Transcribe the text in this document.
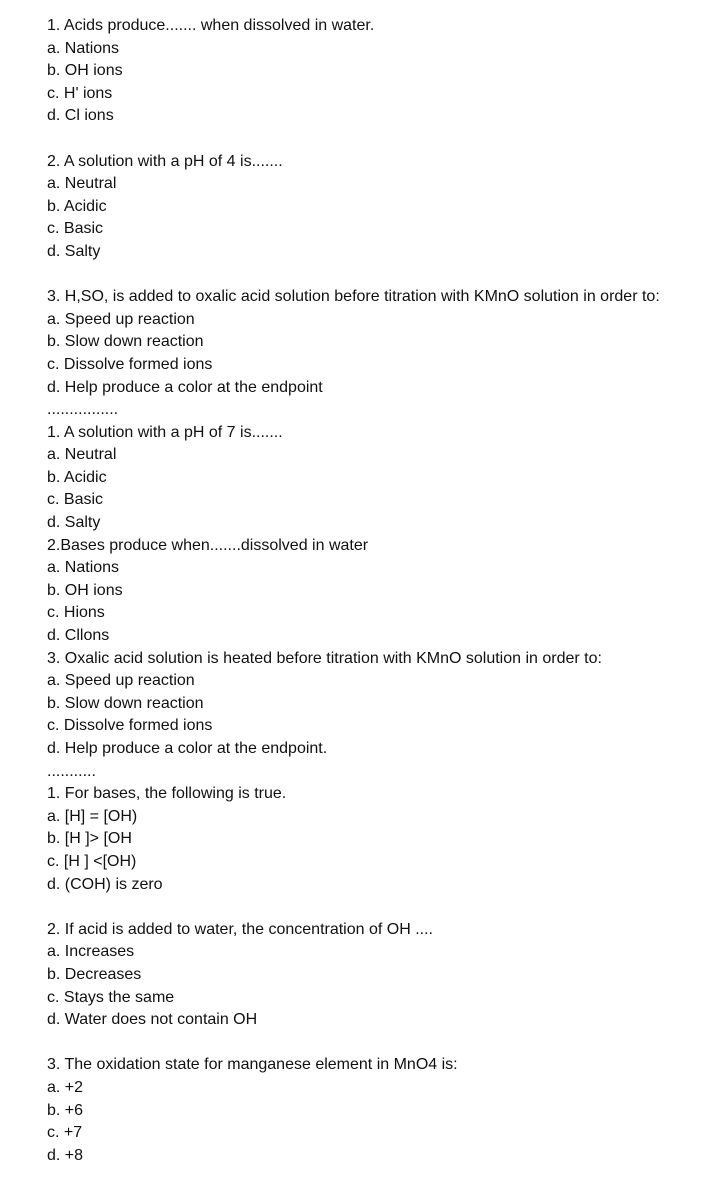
1. Acids produce....... when dissolved in water.
a. Nations
b. OH ions
c. H' ions
d. Cl ions
2. A solution with a pH of 4 is.......
a. Neutral
b. Acidic
c. Basic
d. Salty
3. H,SO, is added to oxalic acid solution before titration with KMnO solution in order to:
a. Speed up reaction
b. Slow down reaction
c. Dissolve formed ions
d. Help produce a color at the endpoint
................
1. A solution with a pH of 7 is.......
a. Neutral
b. Acidic
c. Basic
d. Salty
2.Bases produce when.......dissolved in water
a. Nations
b. OH ions
c. Hions
d. Cllons
3. Oxalic acid solution is heated before titration with KMnO solution in order to:
a. Speed up reaction
b. Slow down reaction
c. Dissolve formed ions
d. Help produce a color at the endpoint.
...........
1. For bases, the following is true.
a. [H] = [OH)
b. [H ]> [OH
c. [H ] <[OH)
d. (COH) is zero
2. If acid is added to water, the concentration of OH ....
a. Increases
b. Decreases
c. Stays the same
d. Water does not contain OH
3. The oxidation state for manganese element in MnO4 is:
a. +2
b. +6
c. +7
d. +8
